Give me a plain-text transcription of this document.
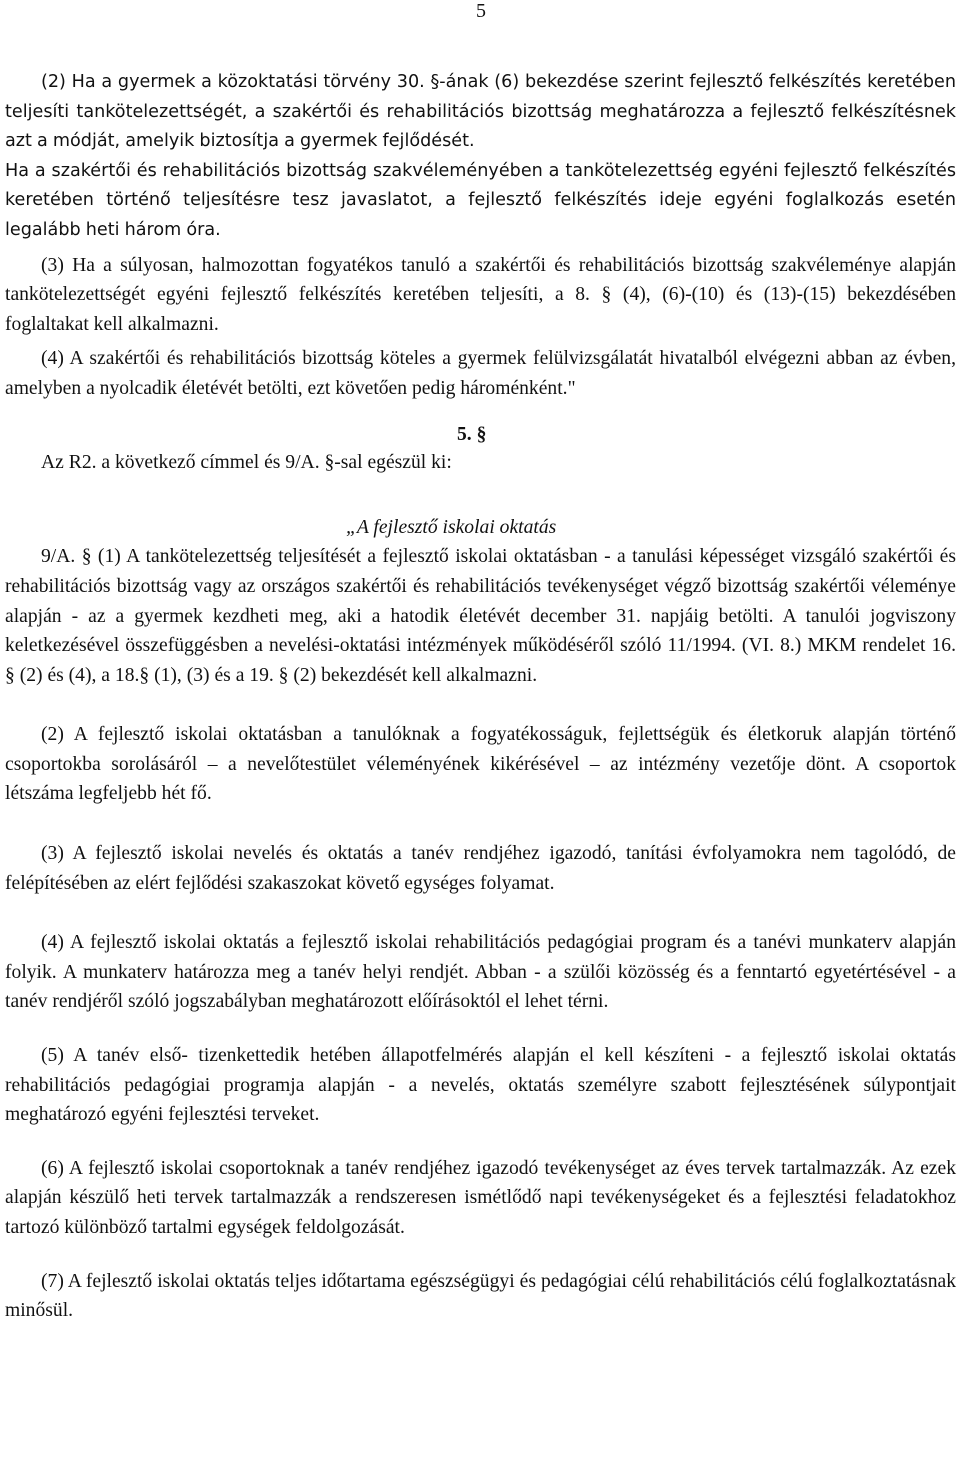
5

(2) Ha a gyermek a közoktatási törvény 30. §-ának (6) bekezdése szerint fejlesztő felkészítés keretében teljesíti tankötelezettségét, a szakértői és rehabilitációs bizottság meghatározza a fejlesztő felkészítésnek azt a módját, amelyik biztosítja a gyermek fejlődését.

Ha a szakértői és rehabilitációs bizottság szakvéleményében a tankötelezettség egyéni fejlesztő felkészítés keretében történő teljesítésre tesz javaslatot, a fejlesztő felkészítés ideje egyéni foglalkozás esetén legalább heti három óra.

(3) Ha a súlyosan, halmozottan fogyatékos tanuló a szakértői és rehabilitációs bizottság szakvéleménye alapján tankötelezettségét egyéni fejlesztő felkészítés keretében teljesíti, a 8. § (4), (6)-(10) és (13)-(15) bekezdésében foglaltakat kell alkalmazni.

(4) A szakértői és rehabilitációs bizottság köteles a gyermek felülvizsgálatát hivatalból elvégezni abban az évben, amelyben a nyolcadik életévét betölti, ezt követően pedig hároménként."

5. §

Az R2. a következő címmel és 9/A. §-sal egészül ki:

„A fejlesztő iskolai oktatás

9/A. § (1) A tankötelezettség teljesítését a fejlesztő iskolai oktatásban - a tanulási képességet vizsgáló szakértői és rehabilitációs bizottság vagy az országos szakértői és rehabilitációs tevékenységet végző bizottság szakértői véleménye alapján - az a gyermek kezdheti meg, aki a hatodik életévét december 31. napjáig betölti. A tanulói jogviszony keletkezésével összefüggésben a nevelési-oktatási intézmények működéséről szóló 11/1994. (VI. 8.) MKM rendelet 16. § (2) és (4), a 18.§ (1), (3) és a 19. § (2) bekezdését kell alkalmazni.

(2) A fejlesztő iskolai oktatásban a tanulóknak a fogyatékosságuk, fejlettségük és életkoruk alapján történő csoportokba sorolásáról – a nevelőtestület véleményének kikérésével – az intézmény vezetője dönt. A csoportok létszáma legfeljebb hét fő.

(3) A fejlesztő iskolai nevelés és oktatás a tanév rendjéhez igazodó, tanítási évfolyamokra nem tagolódó, de felépítésében az elért fejlődési szakaszokat követő egységes folyamat.

(4) A fejlesztő iskolai oktatás a fejlesztő iskolai rehabilitációs pedagógiai program és a tanévi munkaterv alapján folyik. A munkaterv határozza meg a tanév helyi rendjét. Abban - a szülői közösség és a fenntartó egyetértésével - a tanév rendjéről szóló jogszabályban meghatározott előírásoktól el lehet térni.

(5) A tanév első- tizenkettedik hetében állapotfelmérés alapján el kell készíteni - a fejlesztő iskolai oktatás rehabilitációs pedagógiai programja alapján - a nevelés, oktatás személyre szabott fejlesztésének súlypontjait meghatározó egyéni fejlesztési terveket.

(6) A fejlesztő iskolai csoportoknak a tanév rendjéhez igazodó tevékenységet az éves tervek tartalmazzák. Az ezek alapján készülő heti tervek tartalmazzák a rendszeresen ismétlődő napi tevékenységeket és a fejlesztési feladatokhoz tartozó különböző tartalmi egységek feldolgozását.

(7) A fejlesztő iskolai oktatás teljes időtartama egészségügyi és pedagógiai célú rehabilitációs célú foglalkoztatásnak minősül.
